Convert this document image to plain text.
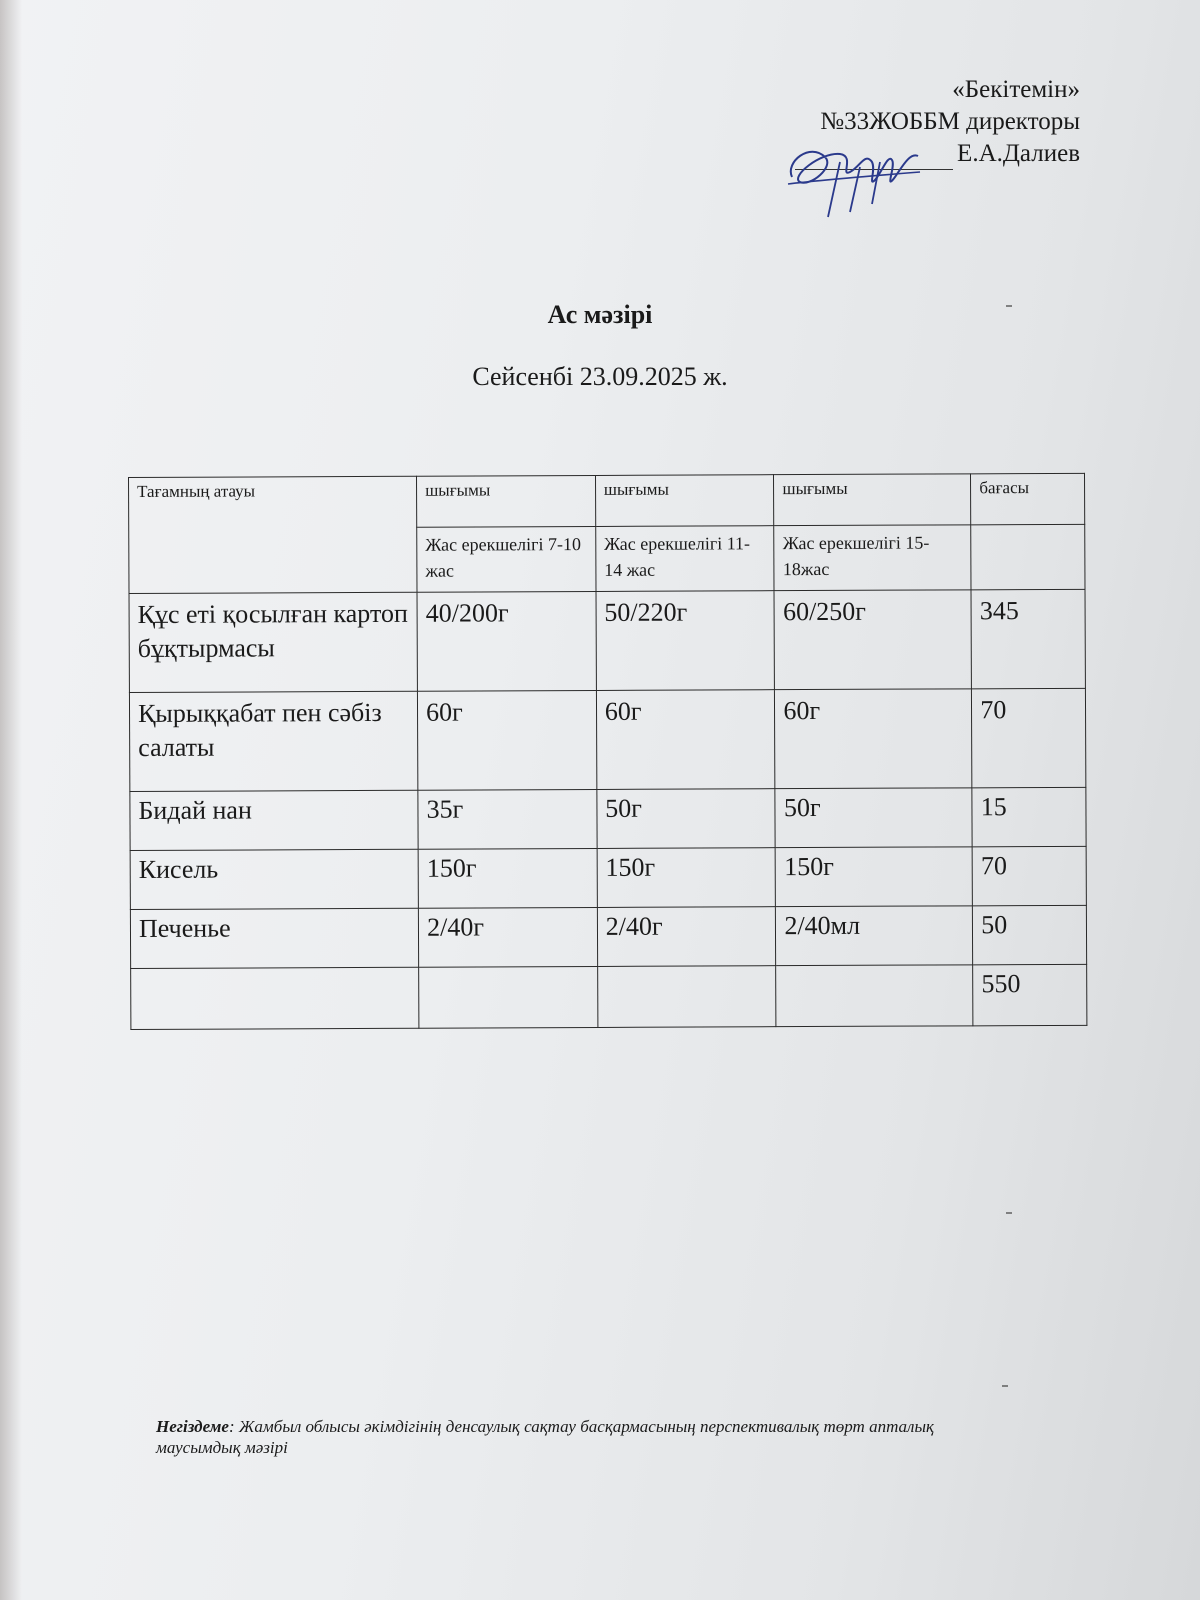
«Бекітемін»
№33ЖОББМ директоры
Е.А.Далиев
Ас мәзірі
Сейсенбі 23.09.2025 ж.
Тағамның атауы	шығымы	шығымы	шығымы	бағасы
	Жас ерекшелігі 7-10 жас	Жас ерекшелігі 11-14 жас	Жас ерекшелігі 15-18жас	
Құс еті қосылған картоп бұқтырмасы	40/200г	50/220г	60/250г	345
Қырыққабат пен сәбіз салаты	60г	60г	60г	70
Бидай нан	35г	50г	50г	15
Кисель	150г	150г	150г	70
Печенье	2/40г	2/40г	2/40мл	50
				550
Негіздеме: Жамбыл облысы әкімдігінің денсаулық сақтау басқармасының перспективалық төрт апталық маусымдық мәзірі
